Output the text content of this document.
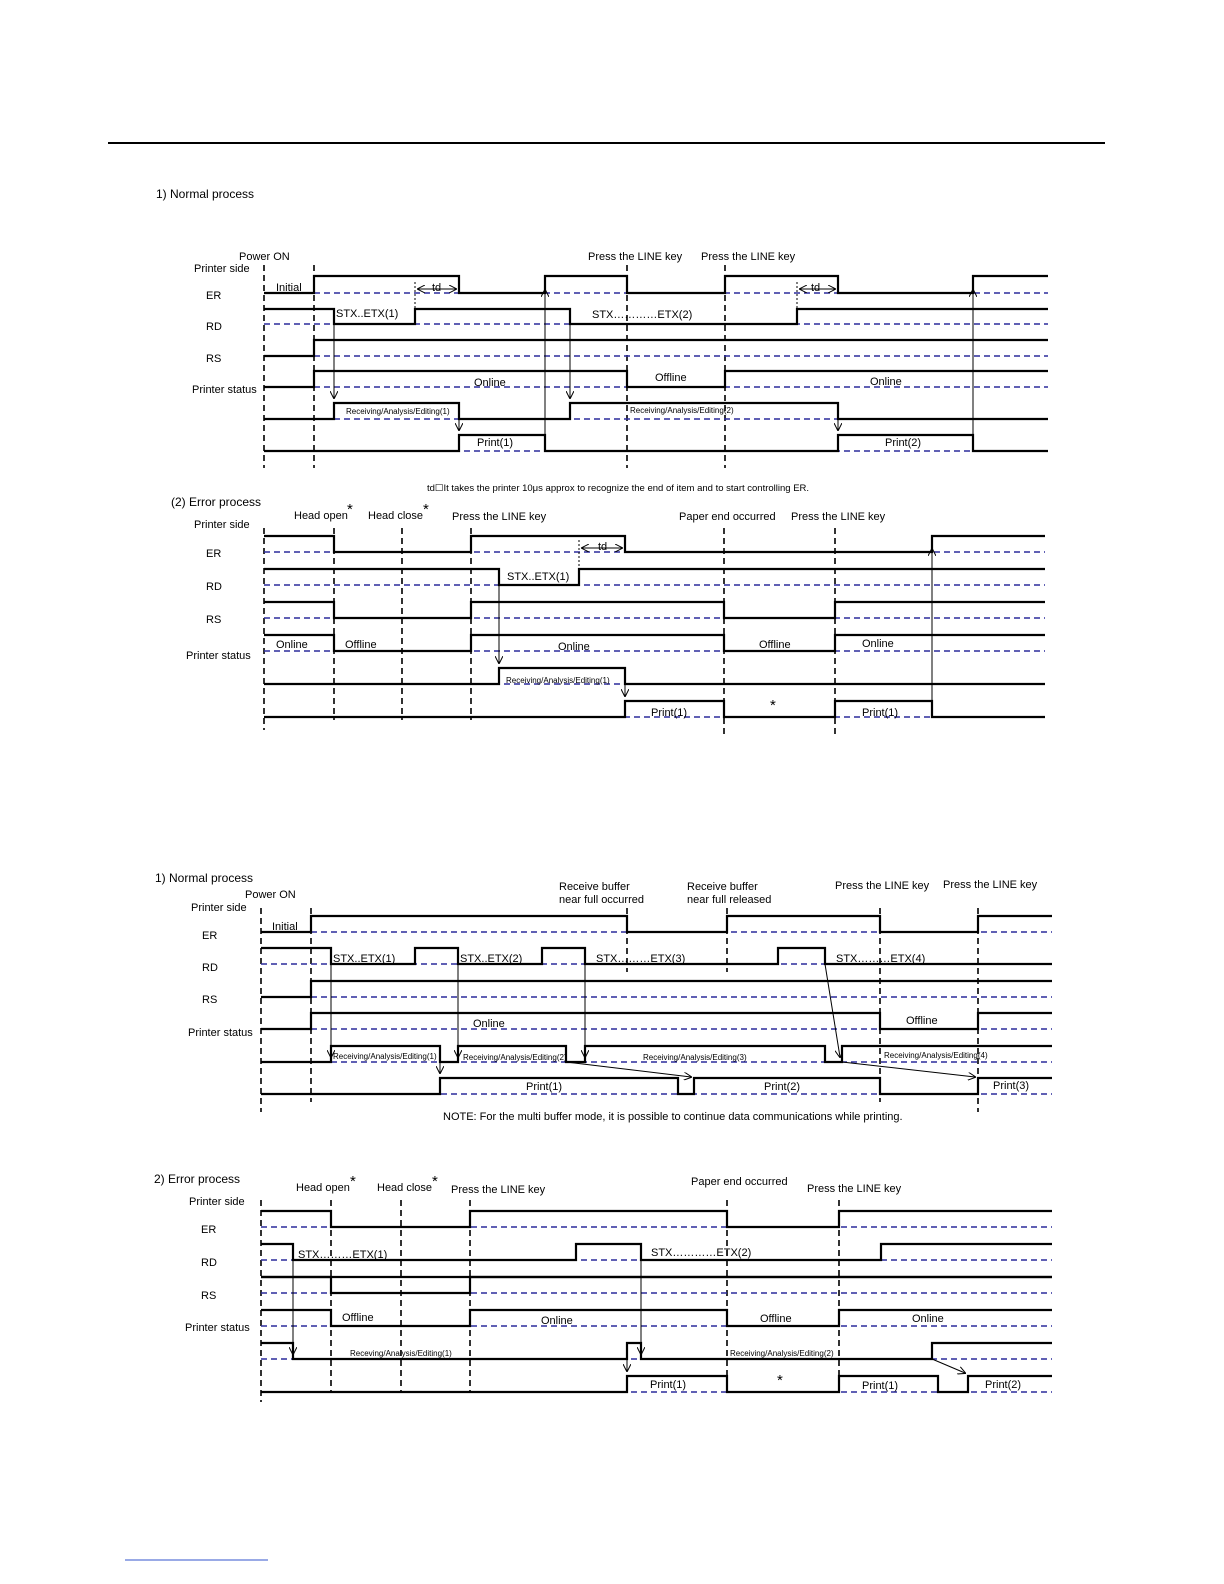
1) Normal process
Power ON	Press the LINE key Press the LINE key
Printer side
ER
RD
RS
Printer status
Initial	td	td
STX..ETX(1)	STX…………ETX(2)
Online	Offline	Online
Receiving/Analysis/Editing(1)	Receiving/Analysis/Editing(2)
Print(1)	Print(2)
td☐It takes the printer 10μs approx to recognize the end of item and to start controlling ER.
(2) Error process
Head open * Head close * Press the LINE key	Paper end occurred Press the LINE key
Printer side
ER
RD
RS
Printer status
td
STX..ETX(1)
Online	Offline	Online	Offline	Online
Receiving/Analysis/Editing(1)
Print(1)	*	Print(1)
1) Normal process
Power ON
Receive buffer
near full occurred
Receive buffer
near full released
Press the LINE key Press the LINE key
Printer side
ER
RD
RS
Printer status
Initial
STX..ETX(1)	STX..ETX(2)	STX………ETX(3)	STX………ETX(4)
Online	Offline
Receiving/Analysis/Editing(1)	Receiving/Analysis/Editing(2)	Receiving/Analysis/Editing(3)	Receiving/Analysis/Editing(4)
Print(1)	Print(2)	Print(3)
NOTE: For the multi buffer mode, it is possible to continue data communications while printing.
2) Error process
Head open * Head close * Press the LINE key
Paper end occurred
Press the LINE key
Printer side
ER
RD
RS
Printer status
STX………ETX(1)	STX…………ETX(2)
Offline	Online	Offline	Online
Receving/Analysis/Editing(1)	Receiving/Analysis/Editing(2)
Print(1)	*	Print(1)	Print(2)
